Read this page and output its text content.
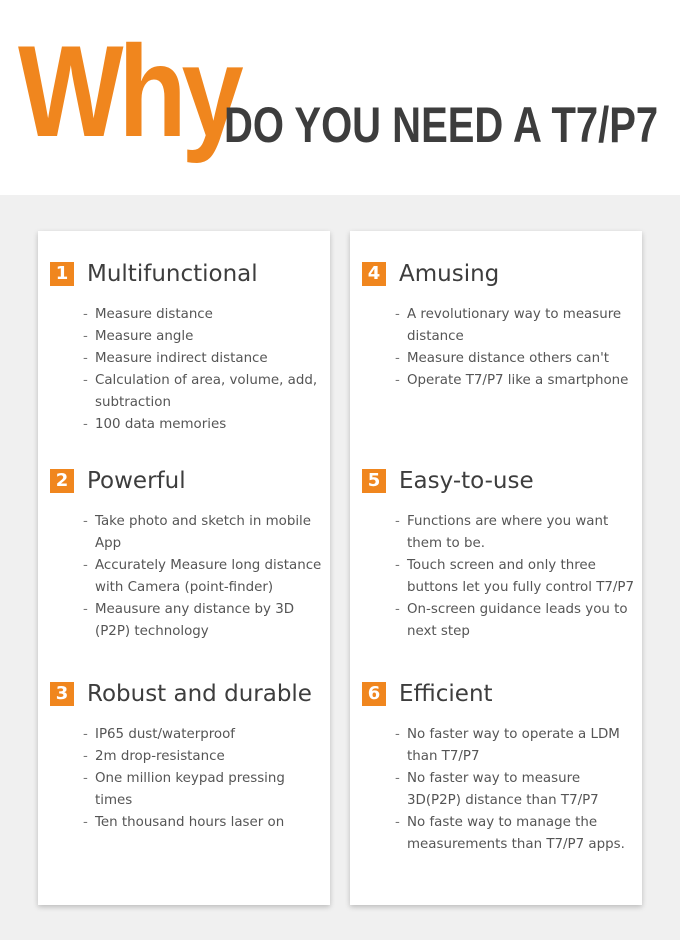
Why
DO YOU NEED A T7/P7
1 Multifunctional
- Measure distance
- Measure angle
- Measure indirect distance
- Calculation of area, volume, add, subtraction
- 100 data memories
2 Powerful
- Take photo and sketch in mobile App
- Accurately Measure long distance with Camera (point-finder)
- Meausure any distance by 3D (P2P) technology
3 Robust and durable
- IP65 dust/waterproof
- 2m drop-resistance
- One million keypad pressing times
- Ten thousand hours laser on
4 Amusing
- A revolutionary way to measure distance
- Measure distance others can't
- Operate T7/P7 like a smartphone
5 Easy-to-use
- Functions are where you want them to be.
- Touch screen and only three buttons let you fully control T7/P7
- On-screen guidance leads you to next step
6 Efficient
- No faster way to operate a LDM than T7/P7
- No faster way to measure 3D(P2P) distance than T7/P7
- No faste way to manage the measurements than T7/P7 apps.
